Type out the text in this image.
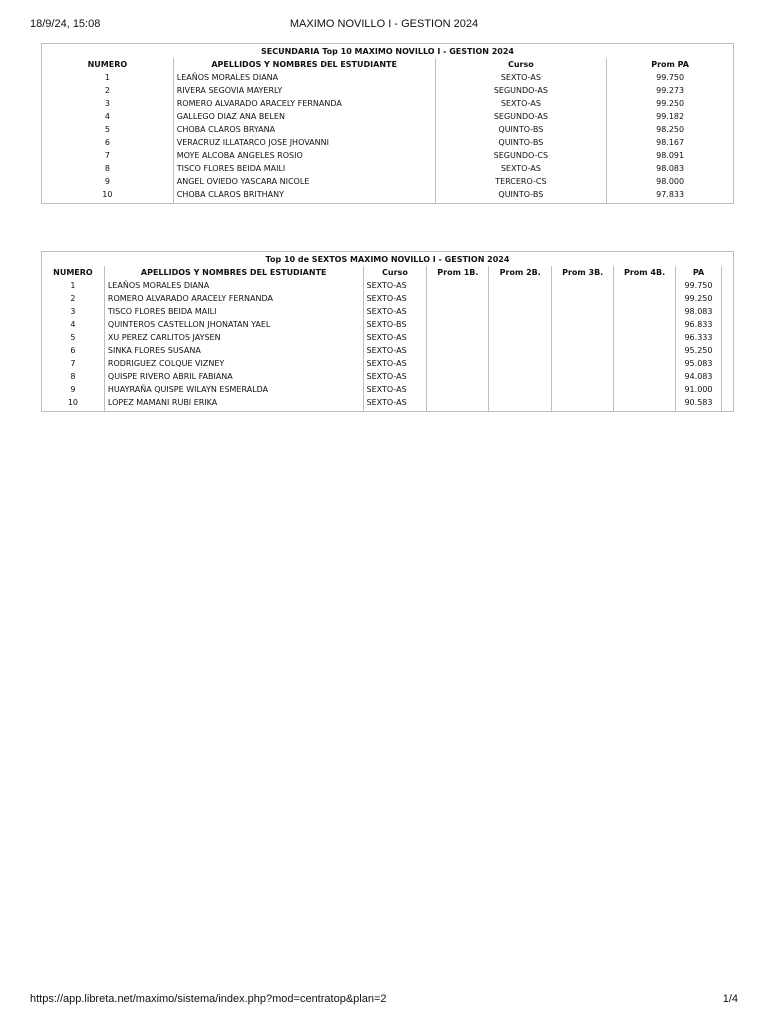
18/9/24, 15:08	MAXIMO NOVILLO I - GESTION 2024
SECUNDARIA Top 10 MAXIMO NOVILLO I - GESTION 2024			
NUMERO	APELLIDOS Y NOMBRES DEL ESTUDIANTE	Curso	Prom PA
1	LEAÑOS MORALES DIANA	SEXTO-AS	99.750
2	RIVERA SEGOVIA MAYERLY	SEGUNDO-AS	99.273
3	ROMERO ALVARADO ARACELY FERNANDA	SEXTO-AS	99.250
4	GALLEGO DIAZ ANA BELEN	SEGUNDO-AS	99.182
5	CHOBA CLAROS BRYANA	QUINTO-BS	98.250
6	VERACRUZ ILLATARCO JOSE JHOVANNI	QUINTO-BS	98.167
7	MOYE ALCOBA ANGELES ROSIO	SEGUNDO-CS	98.091
8	TISCO FLORES BEIDA MAILI	SEXTO-AS	98.083
9	ANGEL OVIEDO YASCARA NICOLE	TERCERO-CS	98.000
10	CHOBA CLAROS BRITHANY	QUINTO-BS	97.833
Top 10 de SEXTOS MAXIMO NOVILLO I - GESTION 2024								
NUMERO	APELLIDOS Y NOMBRES DEL ESTUDIANTE	Curso	Prom 1B.	Prom 2B.	Prom 3B.	Prom 4B.	PA	
1	LEAÑOS MORALES DIANA	SEXTO-AS					99.750	
2	ROMERO ALVARADO ARACELY FERNANDA	SEXTO-AS					99.250	
3	TISCO FLORES BEIDA MAILI	SEXTO-AS					98.083	
4	QUINTEROS CASTELLON JHONATAN YAEL	SEXTO-BS					96.833	
5	XU PEREZ CARLITOS JAYSEN	SEXTO-AS					96.333	
6	SINKA FLORES SUSANA	SEXTO-AS					95.250	
7	RODRIGUEZ COLQUE VIZNEY	SEXTO-AS					95.083	
8	QUISPE RIVERO ABRIL FABIANA	SEXTO-AS					94.083	
9	HUAYRAÑA QUISPE WILAYN ESMERALDA	SEXTO-AS					91.000	
10	LOPEZ MAMANI RUBI ERIKA	SEXTO-AS					90.583	
https://app.libreta.net/maximo/sistema/index.php?mod=centratop&plan=2	1/4
